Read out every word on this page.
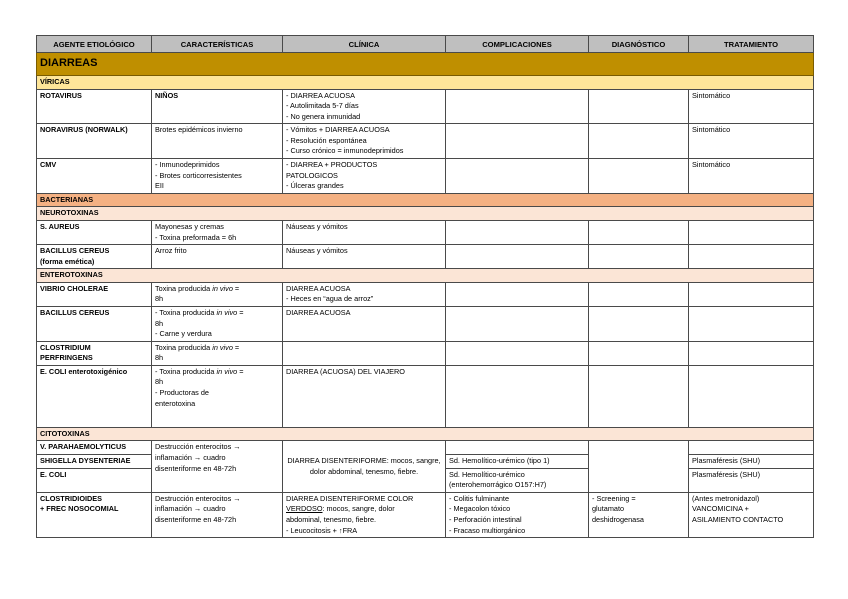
AGENTE ETIOLÓGICO	CARACTERÍSTICAS	CLÍNICA	COMPLICACIONES	DIAGNÓSTICO	TRATAMIENTO
DIARREAS					
VÍRICAS					
ROTAVIRUS	NIÑOS	- DIARREA ACUOSA
- Autolimitada 5-7 días
- No genera inmunidad			Sintomático
NORAVIRUS (NORWALK)	Brotes epidémicos invierno	- Vómitos + DIARREA ACUOSA
- Resolución espontánea
- Curso crónico = inmunodeprimidos			Sintomático
CMV	- Inmunodeprimidos
- Brotes corticorresistentes
EII	- DIARREA + PRODUCTOS
PATOLOGICOS
- Úlceras grandes			Sintomático
BACTERIANAS					
NEUROTOXINAS					
S. AUREUS	Mayonesas y cremas
- Toxina preformada = 6h	Náuseas y vómitos			

BACILLUS CEREUS
(forma emética)	Arroz frito	Náuseas y vómitos			
ENTEROTOXINAS					
VIBRIO CHOLERAE	Toxina producida in vivo =
8h	DIARREA ACUOSA
- Heces en “agua de arroz”			

BACILLUS CEREUS	- Toxina producida in vivo =
8h
- Carne y verdura	DIARREA ACUOSA			

CLOSTRIDIUM
PERFRINGENS	Toxina producida in vivo =
8h				

E. COLI enterotoxigénico	- Toxina producida in vivo =
8h
- Productoras de
enterotoxina	DIARREA (ACUOSA) DEL VIAJERO			
CITOTOXINAS					
V. PARAHAEMOLYTICUS	Destrucción enterocitos →
inflamación → cuadro
disenteriforme en 48-72h	DIARREA DISENTERIFORME: mocos, sangre, dolor abdominal, tenesmo, fiebre.			
SHIGELLA DYSENTERIAE			Sd. Hemolítico-urémico (tipo 1)		Plasmaféresis (SHU)
E. COLI			Sd. Hemolítico-urémico
(enterohemorrágico O157:H7)		Plasmaféresis (SHU)

CLOSTRIDIOIDES
+ FREC NOSOCOMIAL	Destrucción enterocitos →
inflamación → cuadro
disenteriforme en 48-72h	DIARREA DISENTERIFORME COLOR
VERDOSO: mocos, sangre, dolor
abdominal, tenesmo, fiebre.
- Leucocitosis + ↑FRA	- Colitis fulminante
- Megacolon tóxico
- Perforación intestinal
- Fracaso multiorgánico	- Screening =
glutamato
deshidrogenasa	(Antes metronidazol)
VANCOMICINA +
ASILAMIENTO CONTACTO
